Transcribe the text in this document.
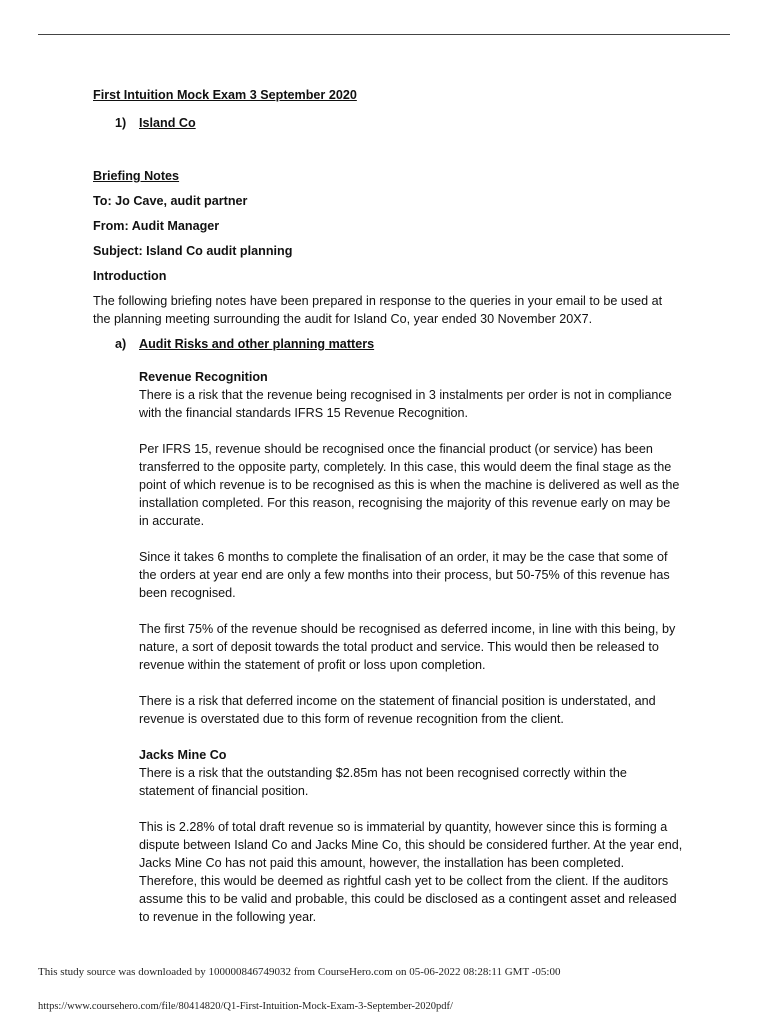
First Intuition Mock Exam 3 September 2020

1)	Island Co

Briefing Notes

To: Jo Cave, audit partner

From: Audit Manager

Subject: Island Co audit planning

Introduction

The following briefing notes have been prepared in response to the queries in your email to be used at the planning meeting surrounding the audit for Island Co, year ended 30 November 20X7.

a)	Audit Risks and other planning matters

Revenue Recognition

There is a risk that the revenue being recognised in 3 instalments per order is not in compliance with the financial standards IFRS 15 Revenue Recognition.

Per IFRS 15, revenue should be recognised once the financial product (or service) has been transferred to the opposite party, completely. In this case, this would deem the final stage as the point of which revenue is to be recognised as this is when the machine is delivered as well as the installation completed. For this reason, recognising the majority of this revenue early on may be in accurate.

Since it takes 6 months to complete the finalisation of an order, it may be the case that some of the orders at year end are only a few months into their process, but 50-75% of this revenue has been recognised.

The first 75% of the revenue should be recognised as deferred income, in line with this being, by nature, a sort of deposit towards the total product and service. This would then be released to revenue within the statement of profit or loss upon completion.

There is a risk that deferred income on the statement of financial position is understated, and revenue is overstated due to this form of revenue recognition from the client.

Jacks Mine Co

There is a risk that the outstanding $2.85m has not been recognised correctly within the statement of financial position.

This is 2.28% of total draft revenue so is immaterial by quantity, however since this is forming a dispute between Island Co and Jacks Mine Co, this should be considered further. At the year end, Jacks Mine Co has not paid this amount, however, the installation has been completed. Therefore, this would be deemed as rightful cash yet to be collect from the client. If the auditors assume this to be valid and probable, this could be disclosed as a contingent asset and released to revenue in the following year.

This study source was downloaded by 100000846749032 from CourseHero.com on 05-06-2022 08:28:11 GMT -05:00
https://www.coursehero.com/file/80414820/Q1-First-Intuition-Mock-Exam-3-September-2020pdf/
